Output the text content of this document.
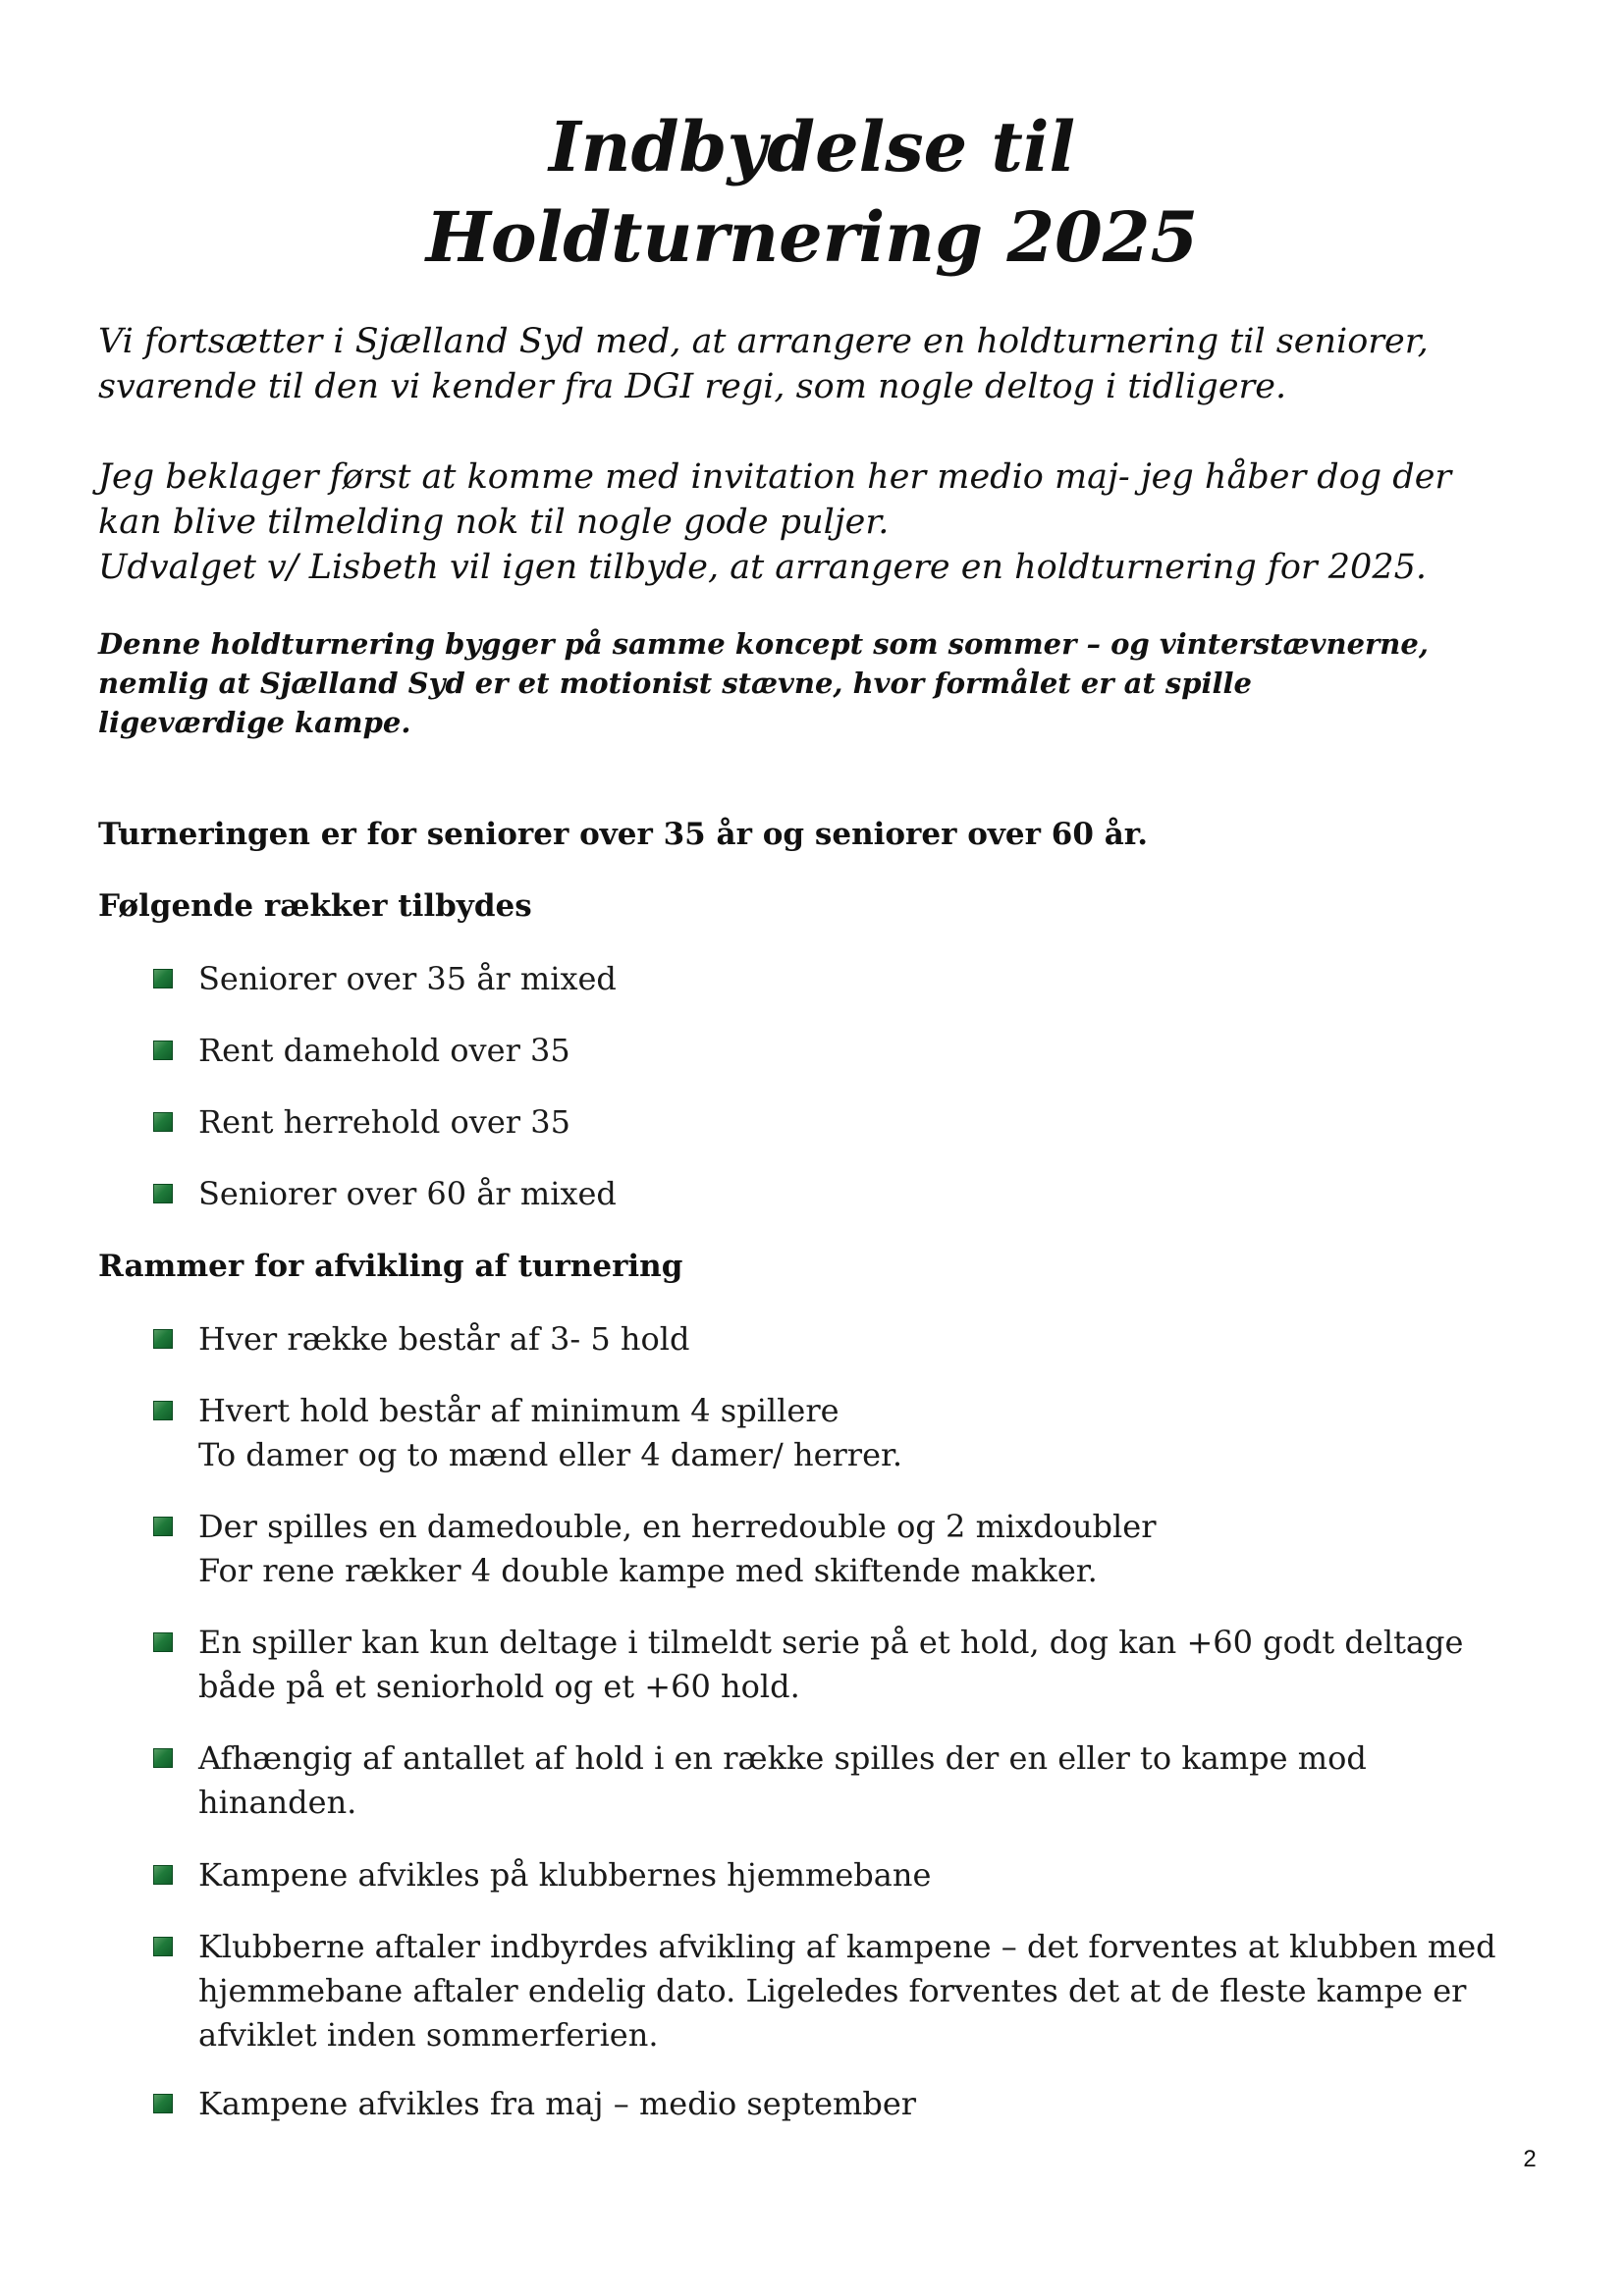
Indbydelse til
Holdturnering 2025

Vi fortsætter i Sjælland Syd med, at arrangere en holdturnering til seniorer,
svarende til den vi kender fra DGI regi, som nogle deltog i tidligere.

Jeg beklager først at komme med invitation her medio maj- jeg håber dog der
kan blive tilmelding nok til nogle gode puljer.
Udvalget v/ Lisbeth vil igen tilbyde, at arrangere en holdturnering for 2025.

Denne holdturnering bygger på samme koncept som sommer – og vinterstævnerne,
nemlig at Sjælland Syd er et motionist stævne, hvor formålet er at spille
ligeværdige kampe.

Turneringen er for seniorer over 35 år og seniorer over 60 år.

Følgende rækker tilbydes

Seniorer over 35 år mixed
Rent damehold over 35
Rent herrehold over 35
Seniorer over 60 år mixed

Rammer for afvikling af turnering

Hver række består af 3- 5 hold
Hvert hold består af minimum 4 spillere
To damer og to mænd eller 4 damer/ herrer.
Der spilles en damedouble, en herredouble og 2 mixdoubler
For rene rækker 4 double kampe med skiftende makker.
En spiller kan kun deltage i tilmeldt serie på et hold, dog kan +60 godt deltage
både på et seniorhold og et +60 hold.
Afhængig af antallet af hold i en række spilles der en eller to kampe mod
hinanden.
Kampene afvikles på klubbernes hjemmebane
Klubberne aftaler indbyrdes afvikling af kampene – det forventes at klubben med
hjemmebane aftaler endelig dato. Ligeledes forventes det at de fleste kampe er
afviklet inden sommerferien.
Kampene afvikles fra maj – medio september
2
